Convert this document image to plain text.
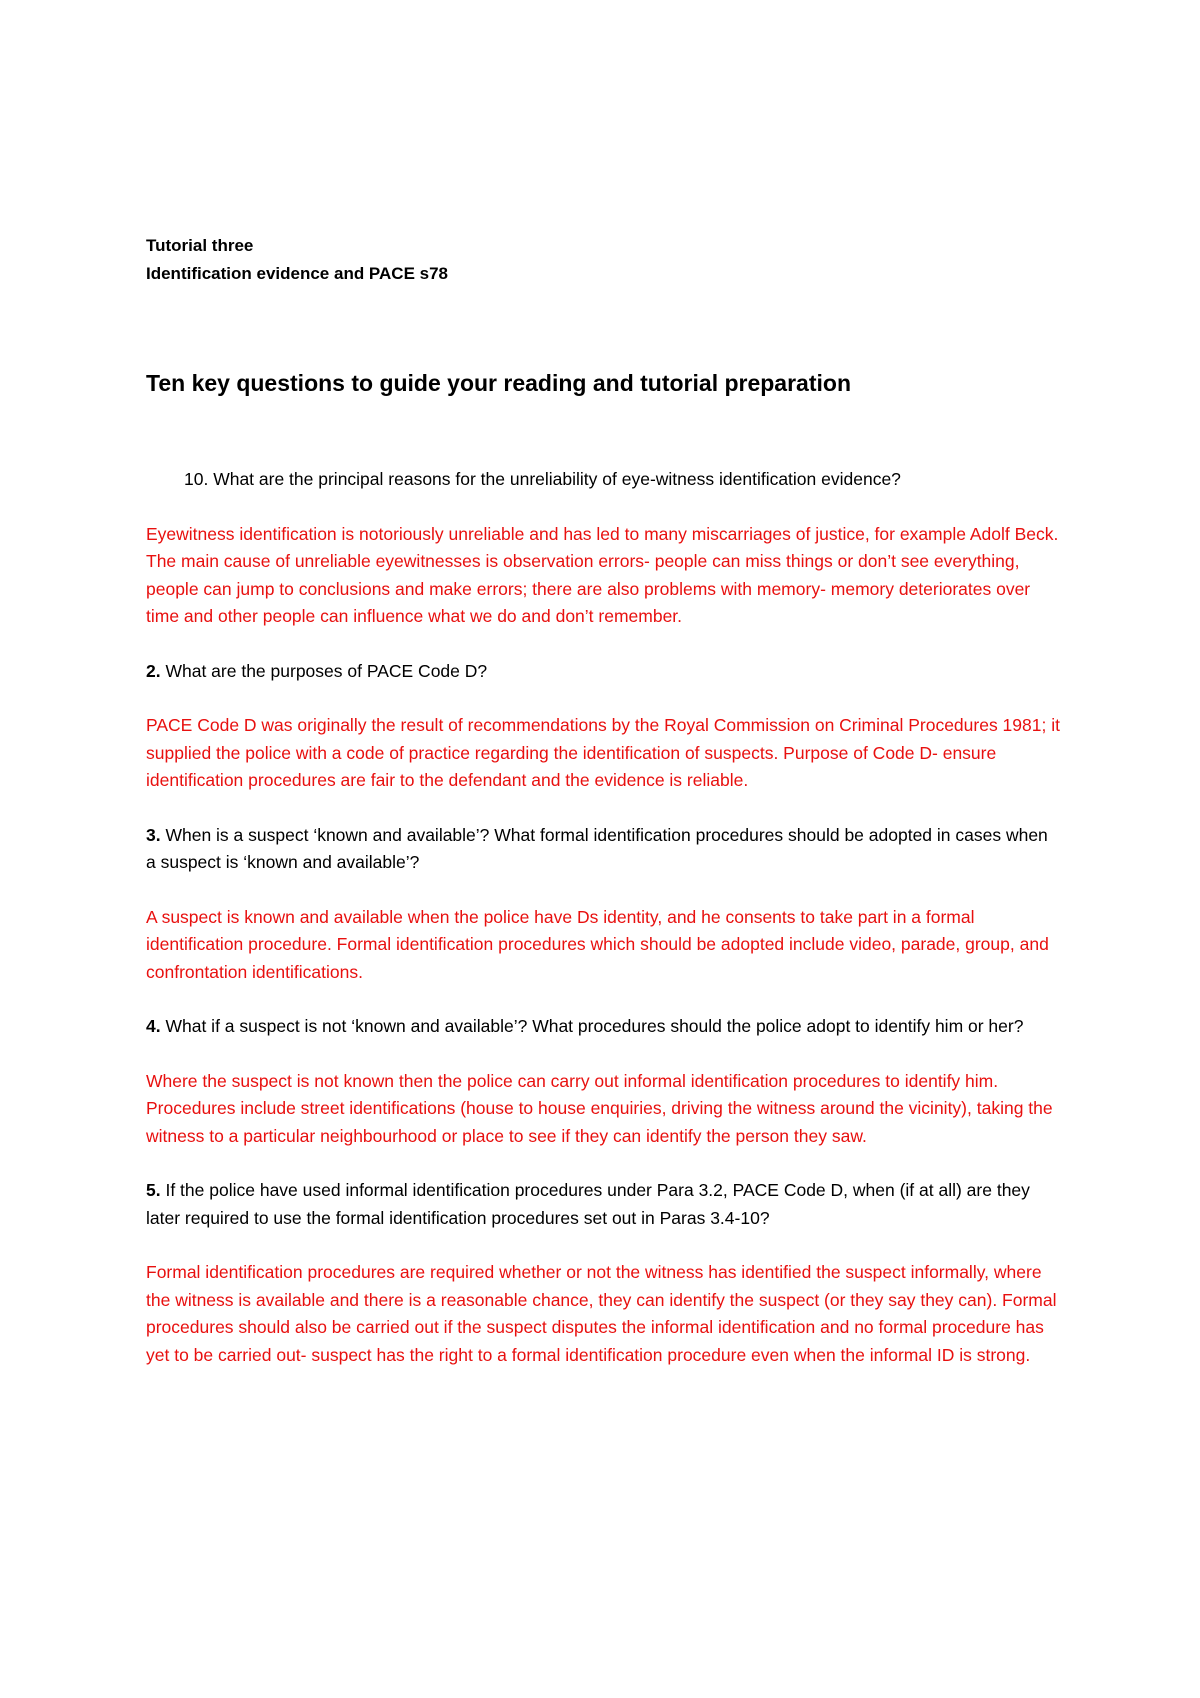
Tutorial three
Identification evidence and PACE s78
Ten key questions to guide your reading and tutorial preparation

10. What are the principal reasons for the unreliability of eye-witness identification evidence?

Eyewitness identification is notoriously unreliable and has led to many miscarriages of justice, for example Adolf Beck. The main cause of unreliable eyewitnesses is observation errors- people can miss things or don’t see everything, people can jump to conclusions and make errors; there are also problems with memory- memory deteriorates over time and other people can influence what we do and don’t remember.

2. What are the purposes of PACE Code D?

PACE Code D was originally the result of recommendations by the Royal Commission on Criminal Procedures 1981; it supplied the police with a code of practice regarding the identification of suspects. Purpose of Code D- ensure identification procedures are fair to the defendant and the evidence is reliable.

3. When is a suspect ‘known and available’? What formal identification procedures should be adopted in cases when a suspect is ‘known and available’?

A suspect is known and available when the police have Ds identity, and he consents to take part in a formal identification procedure. Formal identification procedures which should be adopted include video, parade, group, and confrontation identifications.

4. What if a suspect is not ‘known and available’? What procedures should the police adopt to identify him or her?

Where the suspect is not known then the police can carry out informal identification procedures to identify him. Procedures include street identifications (house to house enquiries, driving the witness around the vicinity), taking the witness to a particular neighbourhood or place to see if they can identify the person they saw.

5. If the police have used informal identification procedures under Para 3.2, PACE Code D, when (if at all) are they later required to use the formal identification procedures set out in Paras 3.4-10?

Formal identification procedures are required whether or not the witness has identified the suspect informally, where the witness is available and there is a reasonable chance, they can identify the suspect (or they say they can). Formal procedures should also be carried out if the suspect disputes the informal identification and no formal procedure has yet to be carried out- suspect has the right to a formal identification procedure even when the informal ID is strong.
